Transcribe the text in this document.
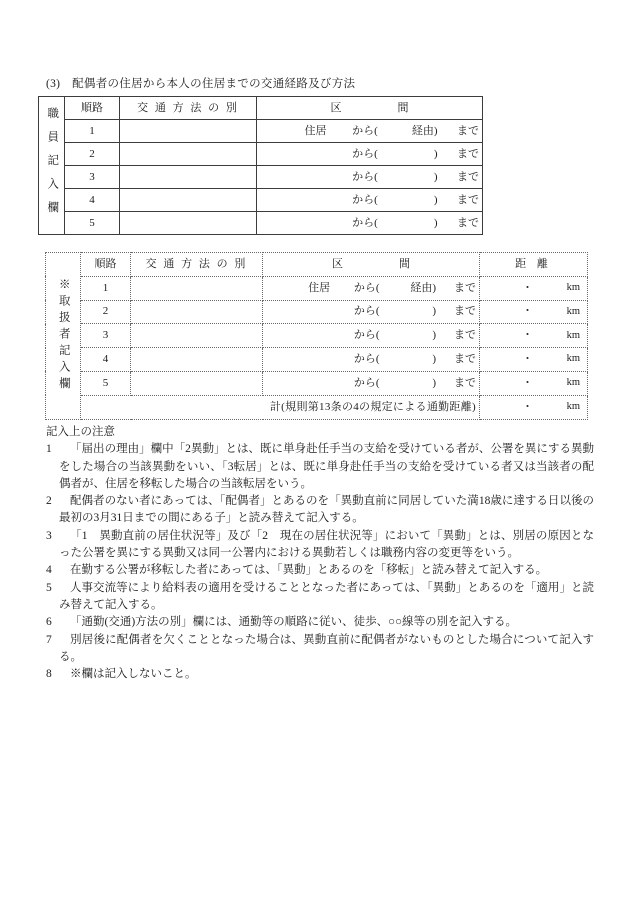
(3)　配偶者の住居から本人の住居までの交通経路及び方法
職員記入欄	順路	交 通 方 法 の 別	区 間

	1		住居 から( 経由) まで

	2		から( ) まで

	3		から( ) まで

	4		から( ) まで

	5		から( ) まで
※取扱者記入欄	順路	交 通 方 法 の 別	区 間	距 離
	1		住居 から( 経由) まで	・ km

	2		から( ) まで	・ km

	3		から( ) まで	・ km

	4		から( ) まで	・ km

	5		から( ) まで	・ km

	計(規則第13条の4の規定による通勤距離)			・ km

記入上の注意

1 「届出の理由」欄中「2異動」とは、既に単身赴任手当の支給を受けている者が、公署を異にする異動をした場合の当該異動をいい、「3転居」とは、既に単身赴任手当の支給を受けている者又は当該者の配偶者が、住居を移転した場合の当該転居をいう。

2 配偶者のない者にあっては、「配偶者」とあるのを「異動直前に同居していた満18歳に達する日以後の最初の3月31日までの間にある子」と読み替えて記入する。

3 「1　異動直前の居住状況等」及び「2　現在の居住状況等」において「異動」とは、別居の原因となった公署を異にする異動又は同一公署内における異動若しくは職務内容の変更等をいう。

4 在勤する公署が移転した者にあっては、「異動」とあるのを「移転」と読み替えて記入する。

5 人事交流等により給料表の適用を受けることとなった者にあっては、「異動」とあるのを「適用」と読み替えて記入する。

6 「通勤(交通)方法の別」欄には、通勤等の順路に従い、徒歩、○○線等の別を記入する。

7 別居後に配偶者を欠くこととなった場合は、異動直前に配偶者がないものとした場合について記入する。

8 ※欄は記入しないこと。
